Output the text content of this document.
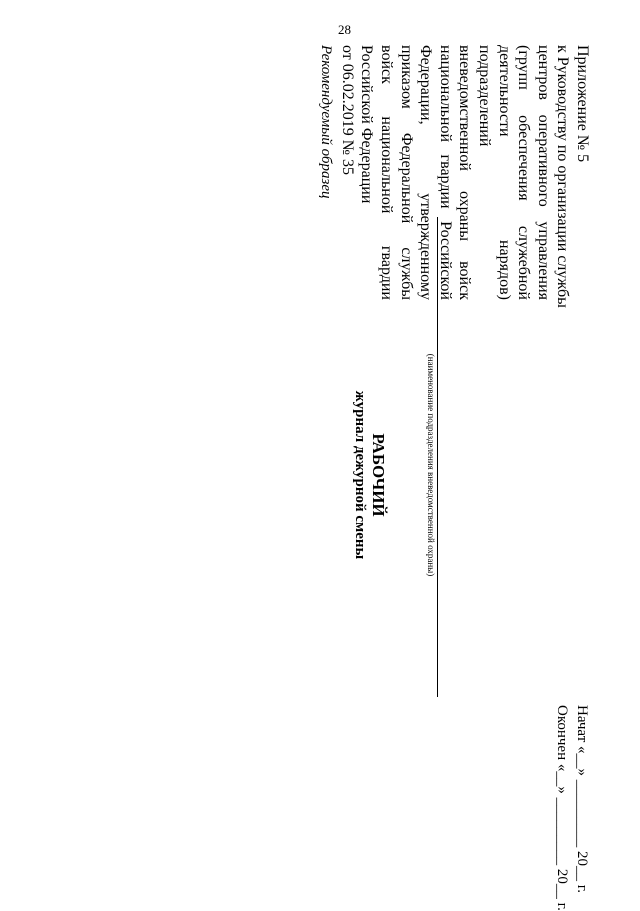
28
Приложение № 5
к Руководству по организации службы
центров оперативного управления
(групп обеспечения служебной
деятельности нарядов) подразделений
вневедомственной охраны войск
национальной гвардии Российской
Федерации, утвержденному
приказом Федеральной службы
войск национальной гвардии
Российской Федерации
от 06.02.2019 № 35
Рекомендуемый образец
Начат «__» _________ 20__ г.
Окончен «__» _________ 20__ г.
РАБОЧИЙ
журнал дежурной смены	(наименование подразделения вневедомственной охраны)
